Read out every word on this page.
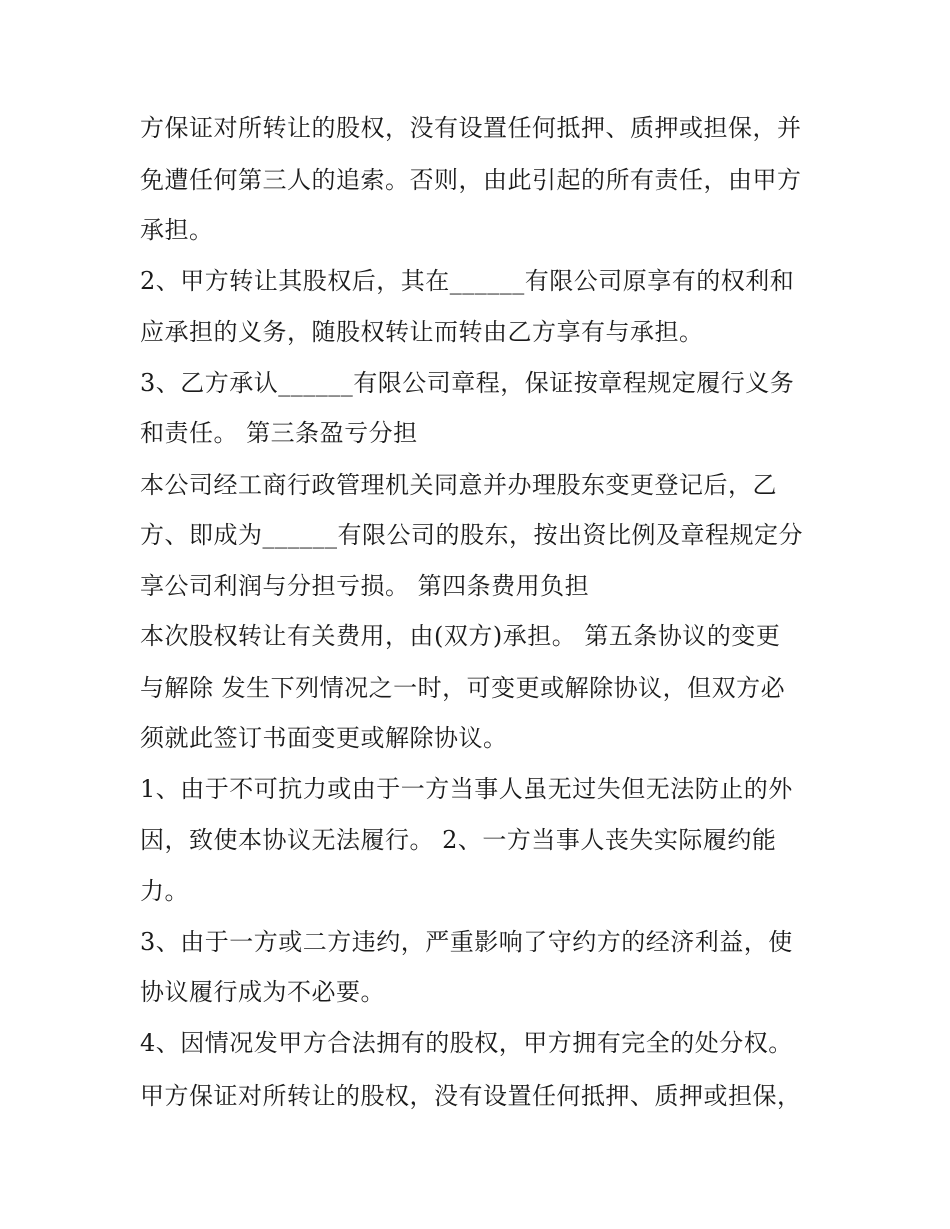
方保证对所转让的股权，没有设置任何抵押、质押或担保，并
免遭任何第三人的追索。否则，由此引起的所有责任，由甲方
承担。
2、甲方转让其股权后，其在______有限公司原享有的权利和
应承担的义务，随股权转让而转由乙方享有与承担。
3、乙方承认______有限公司章程，保证按章程规定履行义务
和责任。 第三条盈亏分担
本公司经工商行政管理机关同意并办理股东变更登记后，乙
方、即成为______有限公司的股东，按出资比例及章程规定分
享公司利润与分担亏损。 第四条费用负担
本次股权转让有关费用，由(双方)承担。 第五条协议的变更
与解除 发生下列情况之一时，可变更或解除协议，但双方必
须就此签订书面变更或解除协议。
1、由于不可抗力或由于一方当事人虽无过失但无法防止的外
因，致使本协议无法履行。 2、一方当事人丧失实际履约能
力。
3、由于一方或二方违约，严重影响了守约方的经济利益，使
协议履行成为不必要。
4、因情况发甲方合法拥有的股权，甲方拥有完全的处分权。
甲方保证对所转让的股权，没有设置任何抵押、质押或担保，
